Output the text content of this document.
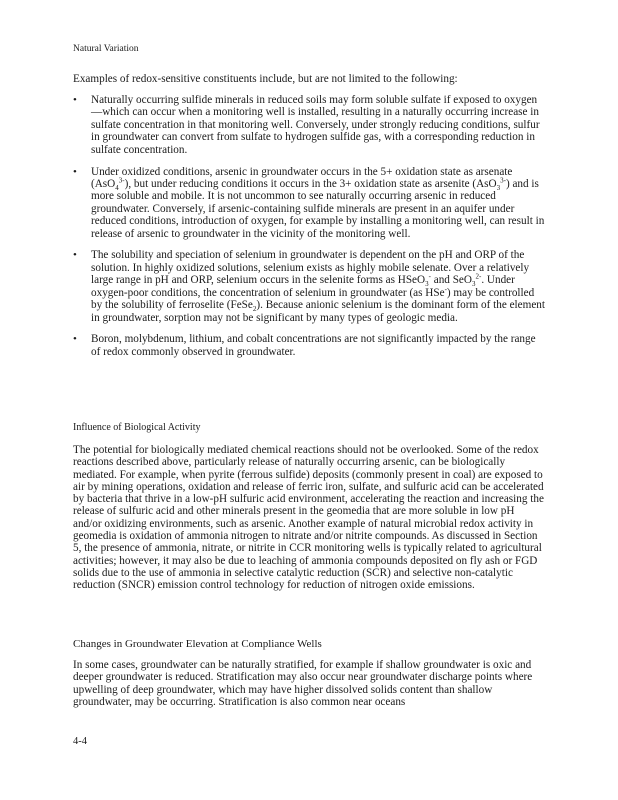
Natural Variation
Examples of redox-sensitive constituents include, but are not limited to the following:
• Naturally occurring sulfide minerals in reduced soils may form soluble sulfate if exposed to oxygen—which can occur when a monitoring well is installed, resulting in a naturally occurring increase in sulfate concentration in that monitoring well. Conversely, under strongly reducing conditions, sulfur in groundwater can convert from sulfate to hydrogen sulfide gas, with a corresponding reduction in sulfate concentration.
• Under oxidized conditions, arsenic in groundwater occurs in the 5+ oxidation state as arsenate (AsO$_4^{3-}$), but under reducing conditions it occurs in the 3+ oxidation state as arsenite (AsO$_3^{3-}$) and is more soluble and mobile. It is not uncommon to see naturally occurring arsenic in reduced groundwater. Conversely, if arsenic-containing sulfide minerals are present in an aquifer under reduced conditions, introduction of oxygen, for example by installing a monitoring well, can result in release of arsenic to groundwater in the vicinity of the monitoring well.
• The solubility and speciation of selenium in groundwater is dependent on the pH and ORP of the solution. In highly oxidized solutions, selenium exists as highly mobile selenate. Over a relatively large range in pH and ORP, selenium occurs in the selenite forms as HSeO$_3$- and SeO$_3^{2-}$. Under oxygen-poor conditions, the concentration of selenium in groundwater (as HSe-) may be controlled by the solubility of ferroselite (FeSe$_2$). Because anionic selenium is the dominant form of the element in groundwater, sorption may not be significant by many types of geologic media.
• Boron, molybdenum, lithium, and cobalt concentrations are not significantly impacted by the range of redox commonly observed in groundwater.
Influence of Biological Activity
The potential for biologically mediated chemical reactions should not be overlooked. Some of the redox reactions described above, particularly release of naturally occurring arsenic, can be biologically mediated. For example, when pyrite (ferrous sulfide) deposits (commonly present in coal) are exposed to air by mining operations, oxidation and release of ferric iron, sulfate, and sulfuric acid can be accelerated by bacteria that thrive in a low-pH sulfuric acid environment, accelerating the reaction and increasing the release of sulfuric acid and other minerals present in the geomedia that are more soluble in low pH and/or oxidizing environments, such as arsenic. Another example of natural microbial redox activity in geomedia is oxidation of ammonia nitrogen to nitrate and/or nitrite compounds. As discussed in Section 5, the presence of ammonia, nitrate, or nitrite in CCR monitoring wells is typically related to agricultural activities; however, it may also be due to leaching of ammonia compounds deposited on fly ash or FGD solids due to the use of ammonia in selective catalytic reduction (SCR) and selective non-catalytic reduction (SNCR) emission control technology for reduction of nitrogen oxide emissions.
Changes in Groundwater Elevation at Compliance Wells
In some cases, groundwater can be naturally stratified, for example if shallow groundwater is oxic and deeper groundwater is reduced. Stratification may also occur near groundwater discharge points where upwelling of deep groundwater, which may have higher dissolved solids content than shallow groundwater, may be occurring. Stratification is also common near oceans
4-4
